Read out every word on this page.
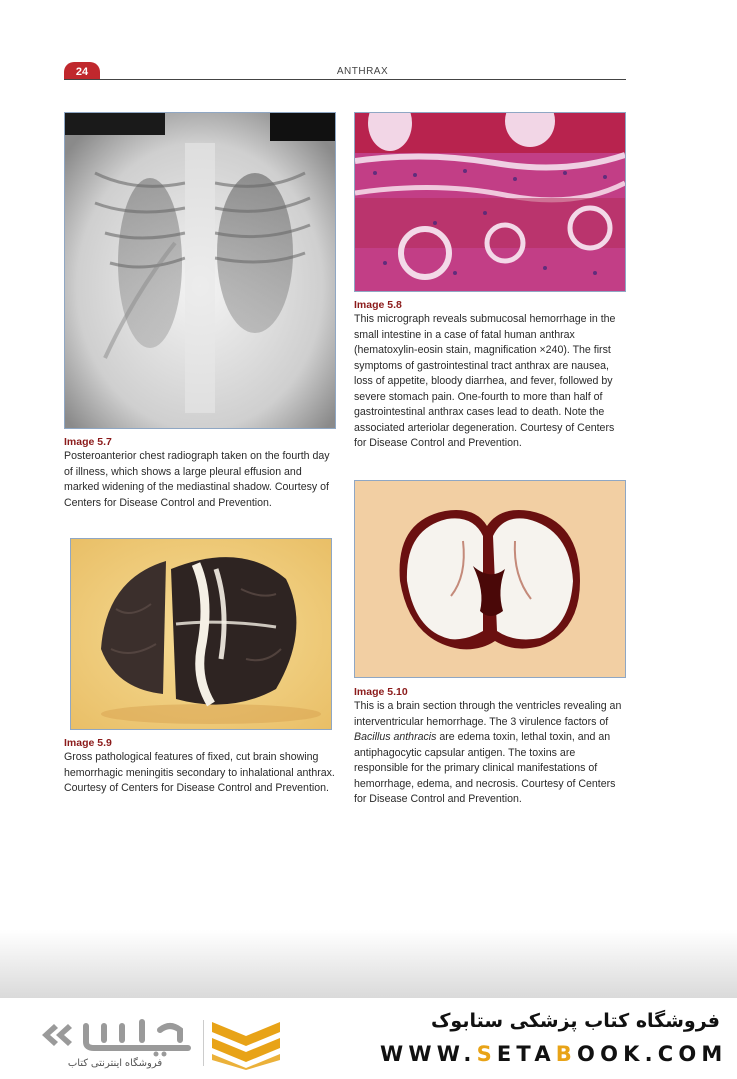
24	ANTHRAX
Image 5.7
Posteroanterior chest radiograph taken on the fourth day of illness, which shows a large pleural effusion and marked widening of the mediastinal shadow. Courtesy of Centers for Disease Control and Prevention.
Image 5.8
This micrograph reveals submucosal hemorrhage in the small intestine in a case of fatal human anthrax (hematoxylin-eosin stain, magnification ×240). The first symptoms of gastrointestinal tract anthrax are nausea, loss of appetite, bloody diarrhea, and fever, followed by severe stomach pain. One-fourth to more than half of gastrointestinal anthrax cases lead to death. Note the associated arteriolar degeneration. Courtesy of Centers for Disease Control and Prevention.
Image 5.9
Gross pathological features of fixed, cut brain showing hemorrhagic meningitis secondary to inhalational anthrax. Courtesy of Centers for Disease Control and Prevention.
Image 5.10
This is a brain section through the ventricles revealing an interventricular hemorrhage. The 3 virulence factors of Bacillus anthracis are edema toxin, lethal toxin, and an antiphagocytic capsular antigen. The toxins are responsible for the primary clinical manifestations of hemorrhage, edema, and necrosis. Courtesy of Centers for Disease Control and Prevention.
فروشگاه اینترنتی کتاب
فروشگاه کتاب پزشکی ستابوک
WWW.SETABOOK.COM
